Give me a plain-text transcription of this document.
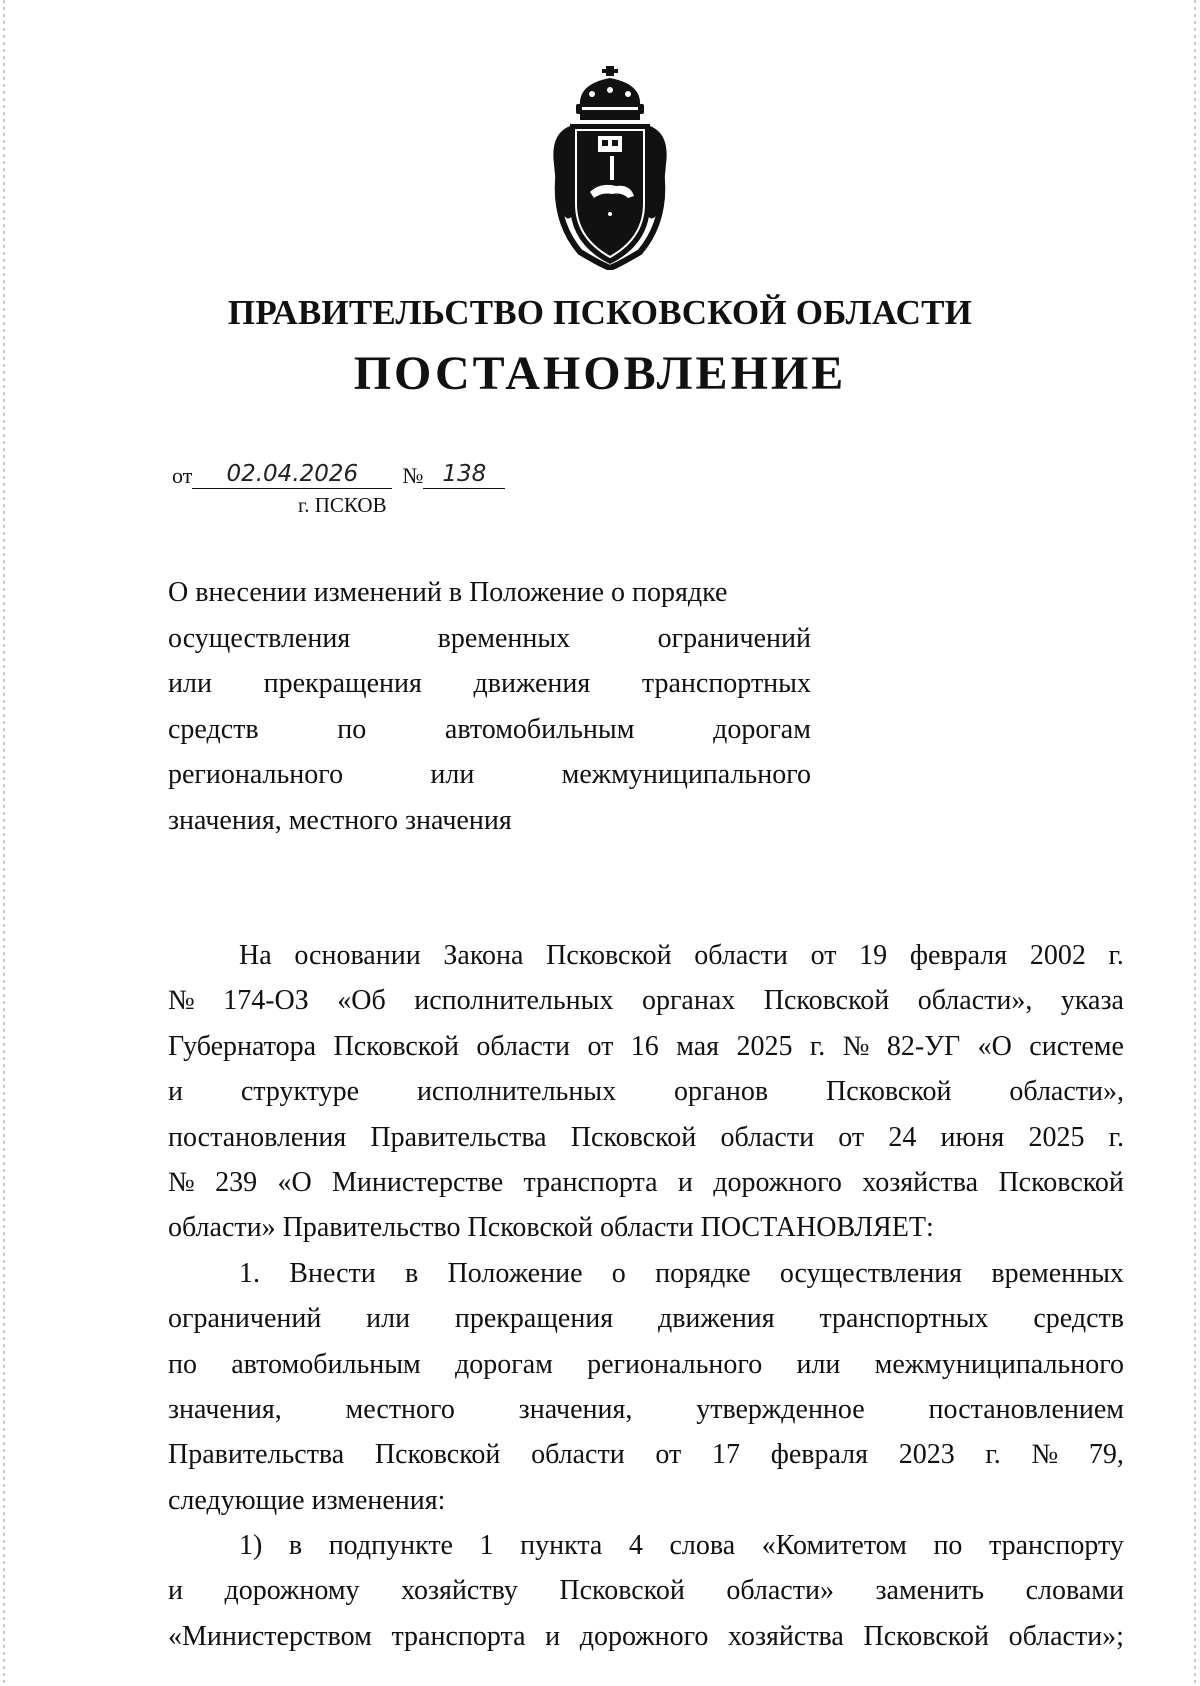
ПРАВИТЕЛЬСТВО ПСКОВСКОЙ ОБЛАСТИ
ПОСТАНОВЛЕНИЕ
от 02.04.2026 № 138
г. ПСКОВ
О внесении изменений в Положение о порядке
осуществления	временных	ограничений
или прекращения движения транспортных
средств	по	автомобильным	дорогам
регионального	или	межмуниципального
значения, местного значения
На основании Закона Псковской области от 19 февраля 2002 г.
№ 174-ОЗ «Об исполнительных органах Псковской области», указа
Губернатора Псковской области от 16 мая 2025 г. № 82-УГ «О системе
и структуре исполнительных органов Псковской области»,
постановления Правительства Псковской области от 24 июня 2025 г.
№ 239 «О Министерстве транспорта и дорожного хозяйства Псковской
области» Правительство Псковской области ПОСТАНОВЛЯЕТ:
1. Внести в Положение о порядке осуществления временных
ограничений или прекращения движения транспортных средств
по автомобильным дорогам регионального или межмуниципального
значения, местного значения, утвержденное постановлением
Правительства Псковской области от 17 февраля 2023 г. № 79,
следующие изменения:
1) в подпункте 1 пункта 4 слова «Комитетом по транспорту
и дорожному хозяйству Псковской области» заменить словами
«Министерством транспорта и дорожного хозяйства Псковской области»;
